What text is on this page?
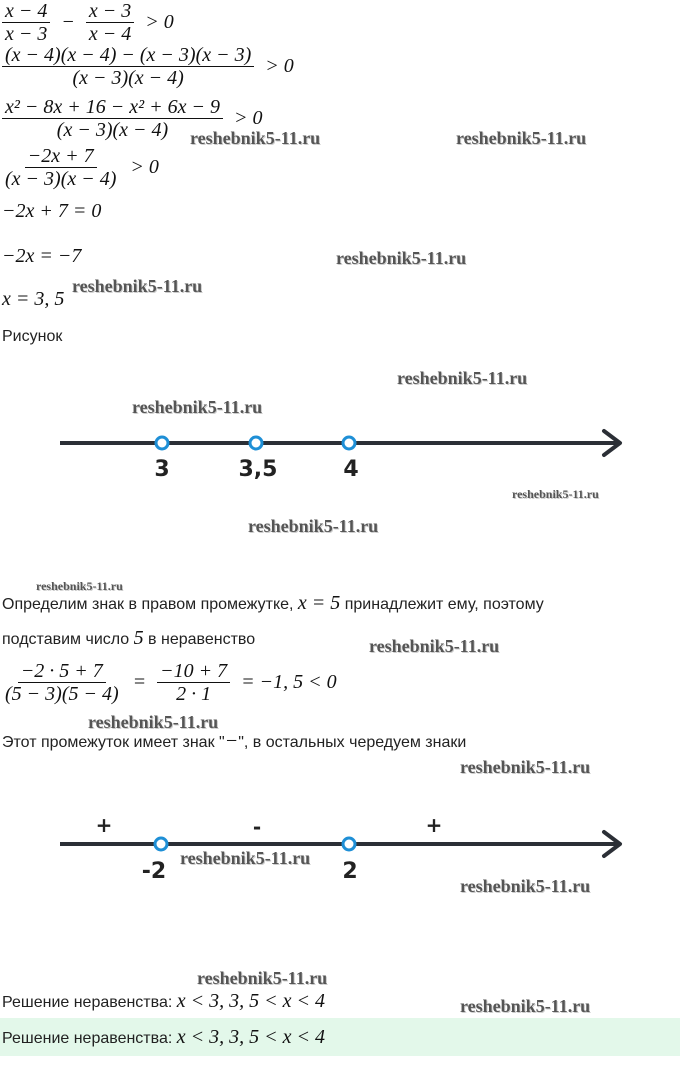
$\frac{x - 4}{x - 3} - \frac{x - 3}{x - 4} > 0$
$\frac{(x - 4)(x - 4) - (x - 3)(x - 3)}{(x - 3)(x - 4)} > 0$
$\frac{\text{x² − 8x + 16 − x² + 6x − 9}}{(x - 3)(x - 4)} > 0$
$\frac{-2x + 7}{(x - 3)(x - 4)} > 0$
−2x + 7 = 0
−2x = −7
x = 3, 5
Рисунок
3	3,5	4
Определим знак в правом промежутке, x = 5 принадлежит ему, поэтому
подставим число 5 в неравенство
$\frac{-2 \cdot 5 + 7}{(5 - 3)(5 - 4)} = \frac{-10 + 7}{2 \cdot 1} = -1$, 5 < 0
Этот промежуток имеет знак "−", в остальных чередуем знаки
+	-	+
-2	2
Решение неравенства: x < 3, 3, 5 < x < 4
Решение неравенства: x < 3, 3, 5 < x < 4
reshebnik5-11.ru	reshebnik5-11.ru
reshebnik5-11.ru
reshebnik5-11.ru
reshebnik5-11.ru
reshebnik5-11.ru
reshebnik5-11.ru
reshebnik5-11.ru
reshebnik5-11.ru
reshebnik5-11.ru
reshebnik5-11.ru
reshebnik5-11.ru
reshebnik5-11.ru
reshebnik5-11.ru
reshebnik5-11.ru
reshebnik5-11.ru
